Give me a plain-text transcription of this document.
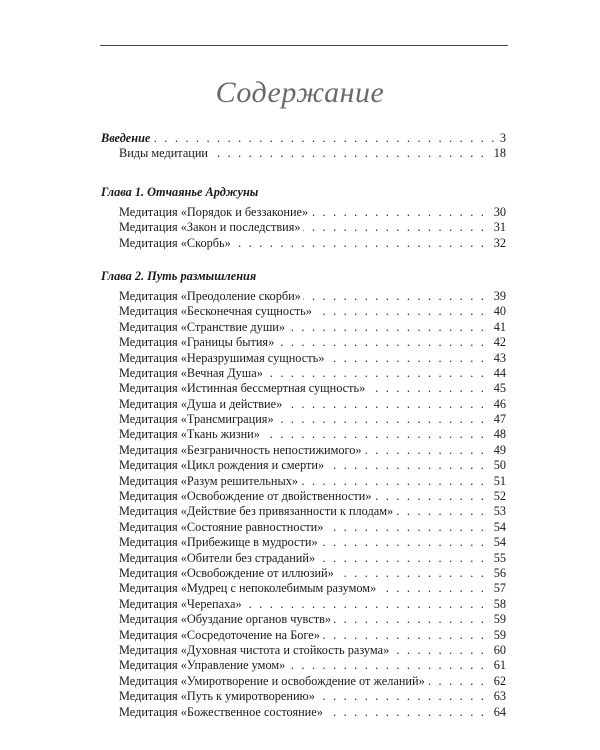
Содержание
. . . Введение	3
. . . Виды медитации	18
Глава 1. Отчаянье Арджуны
. . . Медитация «Порядок и беззаконие»	30
. . . Медитация «Закон и последствия»	31
. . . Медитация «Скорбь»	32
Глава 2. Путь размышления
. . . Медитация «Преодоление скорби»	39
. . . Медитация «Бесконечная сущность»	40
. . . Медитация «Странствие души»	41
. . . Медитация «Границы бытия»	42
. . . Медитация «Неразрушимая сущность»	43
. . . Медитация «Вечная Душа»	44
. . . Медитация «Истинная бессмертная сущность»	45
. . . Медитация «Душа и действие»	46
. . . Медитация «Трансмиграция»	47
. . . Медитация «Ткань жизни»	48
. . . Медитация «Безграничность непостижимого»	49
. . . Медитация «Цикл рождения и смерти»	50
. . . Медитация «Разум решительных»	51
. . . Медитация «Освобождение от двойственности»	52
. . . Медитация «Действие без привязанности к плодам»	53
. . . Медитация «Состояние равностности»	54
. . . Медитация «Прибежище в мудрости»	54
. . . Медитация «Обители без страданий»	55
. . . Медитация «Освобождение от иллюзий»	56
. . . Медитация «Мудрец с непоколебимым разумом»	57
. . . Медитация «Черепаха»	58
. . . Медитация «Обуздание органов чувств»	59
. . . Медитация «Сосредоточение на Боге»	59
. . . Медитация «Духовная чистота и стойкость разума»	60
. . . Медитация «Управление умом»	61
. . . Медитация «Умиротворение и освобождение от желаний»	62
. . . Медитация «Путь к умиротворению»	63
. . . Медитация «Божественное состояние»	64
